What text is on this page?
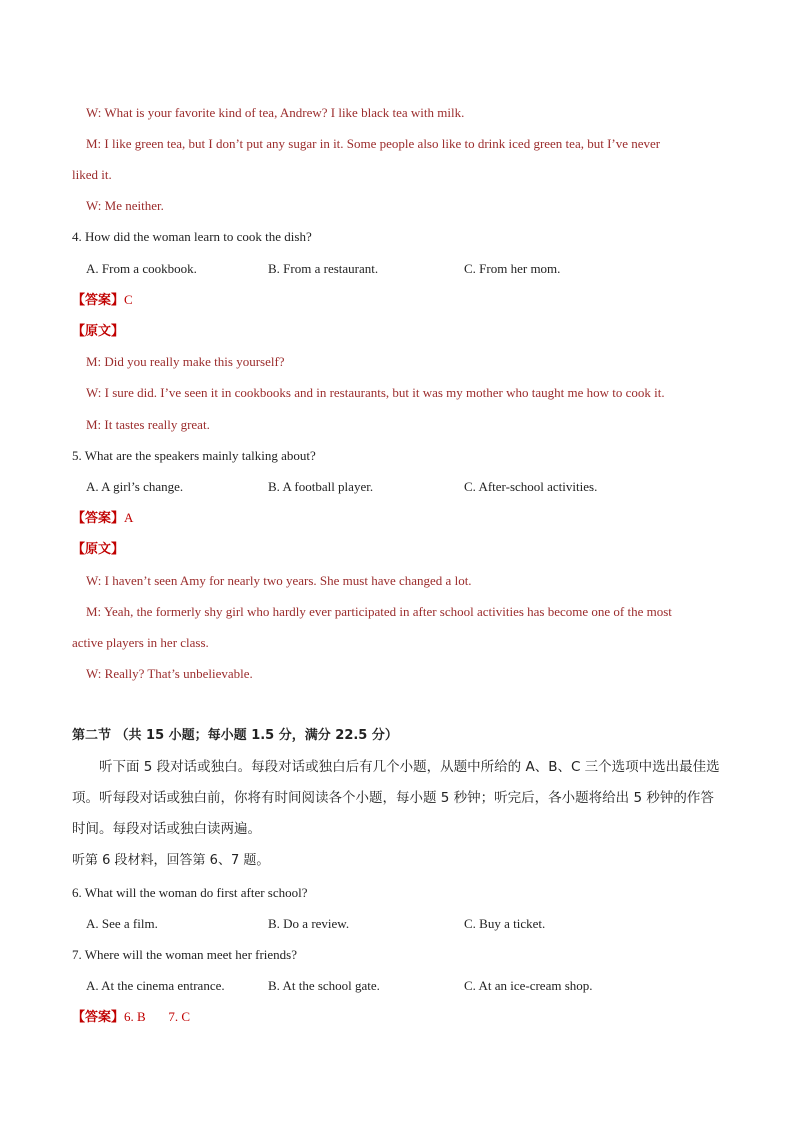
W: What is your favorite kind of tea, Andrew? I like black tea with milk.
M: I like green tea, but I don’t put any sugar in it. Some people also like to drink iced green tea, but I’ve never
liked it.
W: Me neither.
4. How did the woman learn to cook the dish?
A. From a cookbook.	B. From a restaurant.	C. From her mom.
【答案】C
【原文】
M: Did you really make this yourself?
W: I sure did. I’ve seen it in cookbooks and in restaurants, but it was my mother who taught me how to cook it.
M: It tastes really great.
5. What are the speakers mainly talking about?
A. A girl’s change.	B. A football player.	C. After-school activities.
【答案】A
【原文】
W: I haven’t seen Amy for nearly two years. She must have changed a lot.
M: Yeah, the formerly shy girl who hardly ever participated in after school activities has become one of the most
active players in her class.
W: Really? That’s unbelievable.
第二节 （共 15 小题；每小题 1.5 分，满分 22.5 分）
听下面 5 段对话或独白。每段对话或独白后有几个小题，从题中所给的 A、B、C 三个选项中选出最佳选项。听每段对话或独白前，你将有时间阅读各个小题，每小题 5 秒钟；听完后，各小题将给出 5 秒钟的作答时间。每段对话或独白读两遍。
听第 6 段材料，回答第 6、7 题。
6. What will the woman do first after school?
A. See a film.	B. Do a review.	C. Buy a ticket.
7. Where will the woman meet her friends?
A. At the cinema entrance.	B. At the school gate.	C. At an ice-cream shop.
【答案】6. B       7. C
